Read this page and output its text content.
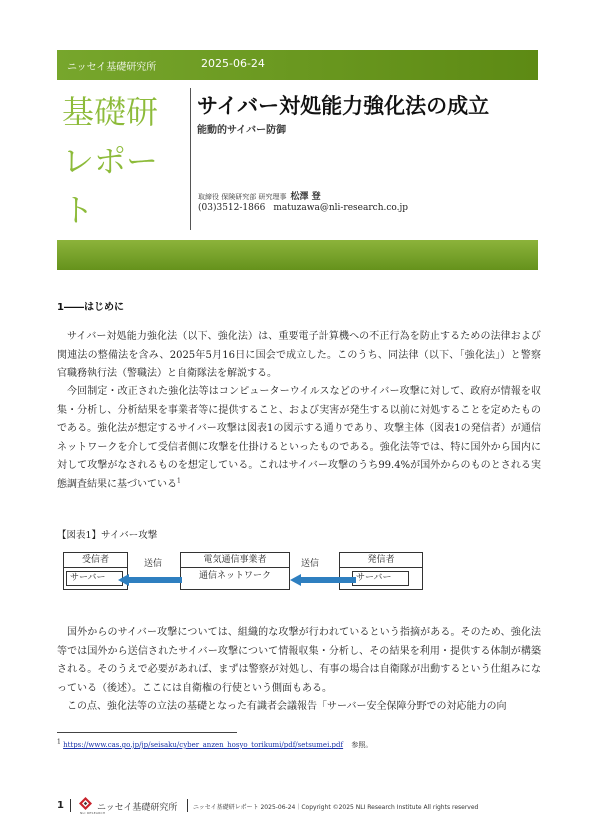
ニッセイ基礎研究所	2025-06-24
基礎研
レポート
サイバー対処能力強化法の成立
能動的サイバー防御
取締役 保険研究部 研究理事 松澤 登
(03)3512-1866 matuzawa@nli-research.co.jp
1――はじめに

サイバー対処能力強化法（以下、強化法）は、重要電子計算機への不正行為を防止するための法律および関連法の整備法を含み、2025年5月16日に国会で成立した。このうち、同法律（以下、「強化法」）と警察官職務執行法（警職法）と自衛隊法を解説する。

今回制定・改正された強化法等はコンピューターウイルスなどのサイバー攻撃に対して、政府が情報を収集・分析し、分析結果を事業者等に提供すること、および実害が発生する以前に対処することを定めたものである。強化法が想定するサイバー攻撃は図表1の図示する通りであり、攻撃主体（図表1の発信者）が通信ネットワークを介して受信者側に攻撃を仕掛けるといったものである。強化法等では、特に国外から国内に対して攻撃がなされるものを想定している。これはサイバー攻撃のうち99.4%が国外からのものとされる実態調査結果に基づいている$^1$

【図表1】サイバー攻撃
受信者
サーバー
電気通信事業者
通信ネットワーク
発信者
サーバー
送信	送信

国外からのサイバー攻撃については、組織的な攻撃が行われているという指摘がある。そのため、強化法等では国外から送信されたサイバー攻撃について情報収集・分析し、その結果を利用・提供する体制が構築される。そのうえで必要があれば、まずは警察が対処し、有事の場合は自衛隊が出動するという仕組みになっている（後述）。ここには自衛権の行使という側面もある。

この点、強化法等の立法の基礎となった有識者会議報告「サーバー安全保障分野での対応能力の向

$^1$ https://www.cas.go.jp/jp/seisaku/cyber_anzen_hosyo_torikumi/pdf/setsumei.pdf 参照。
1
NLI RESEARCH
ニッセイ基礎研究所	ニッセイ基礎研レポート 2025-06-24｜Copyright ©2025 NLI Research Institute All rights reserved
